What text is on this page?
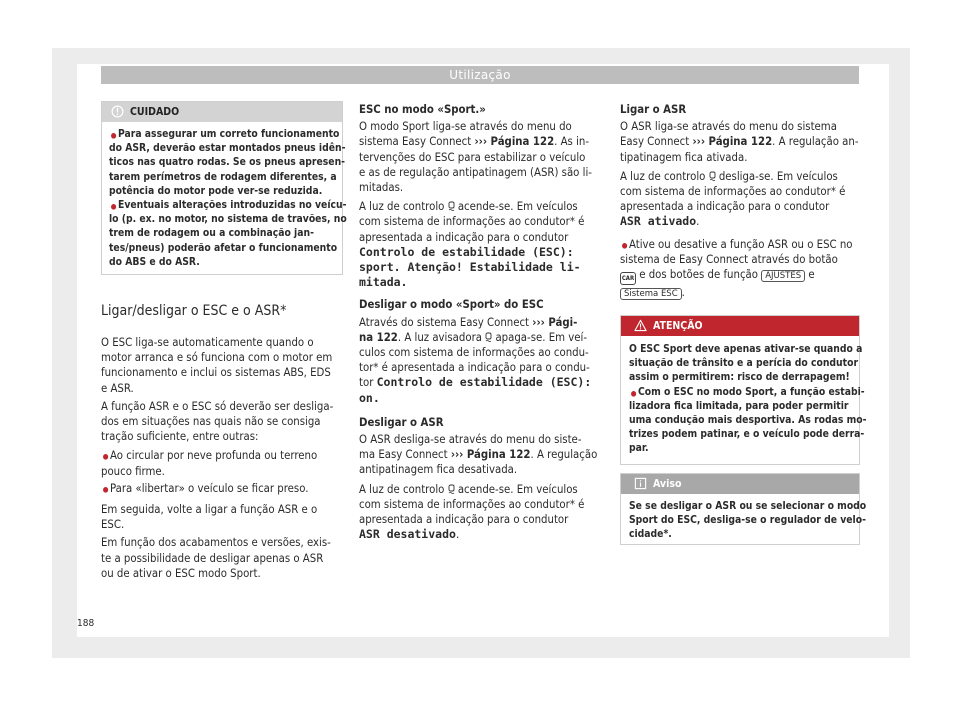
Utilização
CUIDADO
• Para assegurar um correto funcionamento

do ASR, deverão estar montados pneus idên-

ticos nas quatro rodas. Se os pneus apresen-

tarem perímetros de rodagem diferentes, a

potência do motor pode ver-se reduzida.

• Eventuais alterações introduzidas no veícu-

lo (p. ex. no motor, no sistema de travões, no

trem de rodagem ou a combinação jan-

tes/pneus) poderão afetar o funcionamento

do ABS e do ASR.

Ligar/desligar o ESC e o ASR*

O ESC liga-se automaticamente quando o

motor arranca e só funciona com o motor em

funcionamento e inclui os sistemas ABS, EDS

e ASR.

A função ASR e o ESC só deverão ser desliga-

dos em situações nas quais não se consiga

tração suficiente, entre outras:

• Ao circular por neve profunda ou terreno

pouco firme.

• Para «libertar» o veículo se ficar preso.

Em seguida, volte a ligar a função ASR e o

ESC.

Em função dos acabamentos e versões, exis-

te a possibilidade de desligar apenas o ASR

ou de ativar o ESC modo Sport.

ESC no modo «Sport.»

O modo Sport liga-se através do menu do

sistema Easy Connect ››› Página 122. As in-

tervenções do ESC para estabilizar o veículo

e as de regulação antipatinagem (ASR) são li-

mitadas.

A luz de controlo  acende-se. Em veículos

com sistema de informações ao condutor* é

apresentada a indicação para o condutor

Controlo de estabilidade (ESC):

sport. Atenção! Estabilidade li-

mitada.

Desligar o modo «Sport» do ESC

Através do sistema Easy Connect ››› Pági-

na 122. A luz avisadora  apaga-se. Em veí-

culos com sistema de informações ao condu-

tor* é apresentada a indicação para o condu-

tor Controlo de estabilidade (ESC):

on.

Desligar o ASR

O ASR desliga-se através do menu do siste-

ma Easy Connect ››› Página 122. A regulação

antipatinagem fica desativada.

A luz de controlo  acende-se. Em veículos

com sistema de informações ao condutor* é

apresentada a indicação para o condutor

ASR desativado.

Ligar o ASR

O ASR liga-se através do menu do sistema

Easy Connect ››› Página 122. A regulação an-

tipatinagem fica ativada.

A luz de controlo  desliga-se. Em veículos

com sistema de informações ao condutor* é

apresentada a indicação para o condutor

ASR ativado.

• Ative ou desative a função ASR ou o ESC no

sistema de Easy Connect através do botão

CAR e dos botões de função AJUSTES e

Sistema ESC .

ATENÇÃO

O ESC Sport deve apenas ativar-se quando a

situação de trânsito e a perícia do condutor

assim o permitirem: risco de derrapagem!

• Com o ESC no modo Sport, a função estabi-

lizadora fica limitada, para poder permitir

uma condução mais desportiva. As rodas mo-

trizes podem patinar, e o veículo pode derra-

par.

Aviso

Se se desligar o ASR ou se selecionar o modo

Sport do ESC, desliga-se o regulador de velo-

cidade*.

188
